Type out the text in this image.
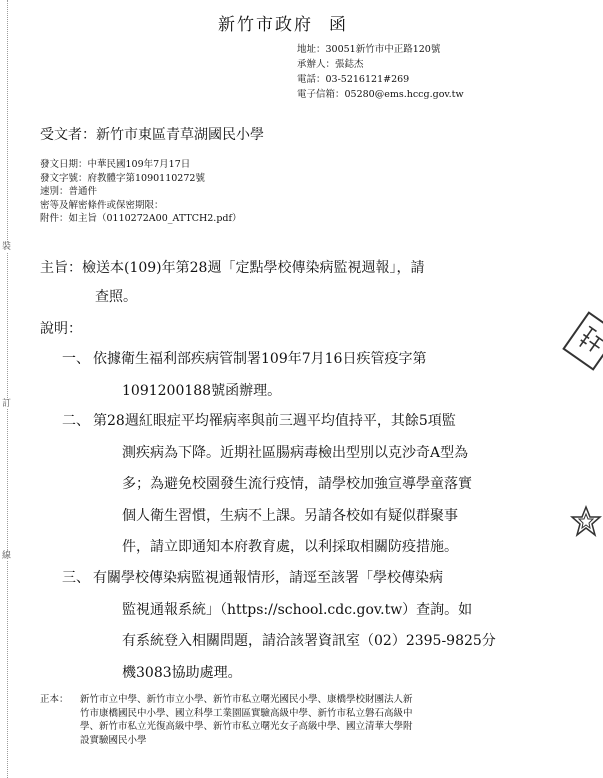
裝
訂
線
新竹市政府 函
地址：30051新竹市中正路120號
承辦人：張鋕杰
電話：03-5216121#269
電子信箱：05280@ems.hccg.gov.tw
受文者：新竹市東區青草湖國民小學
發文日期：中華民國109年7月17日
發文字號：府教體字第1090110272號
速別：普通件
密等及解密條件或保密期限：
附件：如主旨（0110272A00_ATTCH2.pdf）
主旨：檢送本(109)年第28週「定點學校傳染病監視週報」，請
查照。
說明：
一、 依據衛生福利部疾病管制署109年7月16日疾管疫字第
1091200188號函辦理。
二、 第28週紅眼症平均罹病率與前三週平均值持平，其餘5項監
測疾病為下降。近期社區腸病毒檢出型別以克沙奇A型為
多；為避免校園發生流行疫情，請學校加強宣導學童落實
個人衛生習慣，生病不上課。另請各校如有疑似群聚事
件，請立即通知本府教育處，以利採取相關防疫措施。
三、 有關學校傳染病監視通報情形，請逕至該署「學校傳染病
監視通報系統」（https://school.cdc.gov.tw）查詢。如
有系統登入相關問題，請洽該署資訊室（02）2395-9825分
機3083協助處理。
正本： 新竹市立中學、新竹市立小學、新竹市私立曙光國民小學、康橋學校財團法人新
竹市康橋國民中小學、國立科學工業園區實驗高級中學、新竹市私立磐石高級中
學、新竹市私立光復高級中學、新竹市私立曙光女子高級中學、國立清華大學附
設實驗國民小學
